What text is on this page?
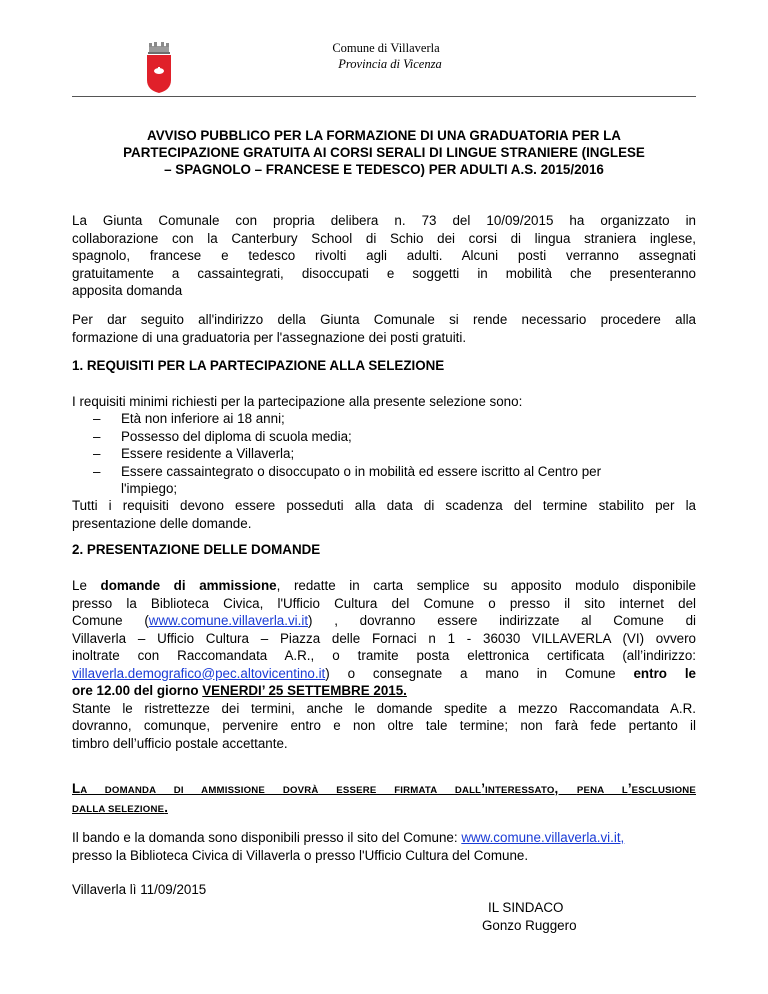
Comune di Villaverla
Provincia di Vicenza
AVVISO PUBBLICO PER LA FORMAZIONE DI UNA GRADUATORIA PER LA
PARTECIPAZIONE GRATUITA AI CORSI SERALI DI LINGUE STRANIERE (INGLESE
– SPAGNOLO – FRANCESE E TEDESCO) PER ADULTI A.S. 2015/2016
La Giunta Comunale con propria delibera n. 73 del 10/09/2015 ha organizzato in
collaborazione con la Canterbury School di Schio dei corsi di lingua straniera inglese,
spagnolo, francese e tedesco rivolti agli adulti. Alcuni posti verranno assegnati
gratuitamente a cassaintegrati, disoccupati e soggetti in mobilità che presenteranno
apposita domanda
Per dar seguito all'indirizzo della Giunta Comunale si rende necessario procedere alla
formazione di una graduatoria per l'assegnazione dei posti gratuiti.
1. REQUISITI PER LA PARTECIPAZIONE ALLA SELEZIONE
I requisiti minimi richiesti per la partecipazione alla presente selezione sono:
– Età non inferiore ai 18 anni;
– Possesso del diploma di scuola media;
– Essere residente a Villaverla;
– Essere cassaintegrato o disoccupato o in mobilità ed essere iscritto al Centro per
l'impiego;
Tutti i requisiti devono essere posseduti alla data di scadenza del termine stabilito per la
presentazione delle domande.
2. PRESENTAZIONE DELLE DOMANDE
Le domande di ammissione, redatte in carta semplice su apposito modulo disponibile
presso la Biblioteca Civica, l'Ufficio Cultura del Comune o presso il sito internet del
Comune (www.comune.villaverla.vi.it) , dovranno essere indirizzate al Comune di
Villaverla – Ufficio Cultura – Piazza delle Fornaci n 1 - 36030 VILLAVERLA (VI) ovvero
inoltrate con Raccomandata A.R., o tramite posta elettronica certificata (all’indirizzo:
villaverla.demografico@pec.altovicentino.it) o consegnate a mano in Comune entro le
ore 12.00 del giorno VENERDI’ 25 SETTEMBRE 2015.
Stante le ristrettezze dei termini, anche le domande spedite a mezzo Raccomandata A.R.
dovranno, comunque, pervenire entro e non oltre tale termine; non farà fede pertanto il
timbro dell’ufficio postale accettante.
LA DOMANDA DI AMMISSIONE DOVRÀ ESSERE FIRMATA DALL’INTERESSATO, PENA L’ESCLUSIONE
DALLA SELEZIONE.
Il bando e la domanda sono disponibili presso il sito del Comune: www.comune.villaverla.vi.it,
presso la Biblioteca Civica di Villaverla o presso l'Ufficio Cultura del Comune.
Villaverla lì 11/09/2015
IL SINDACO
Gonzo Ruggero
